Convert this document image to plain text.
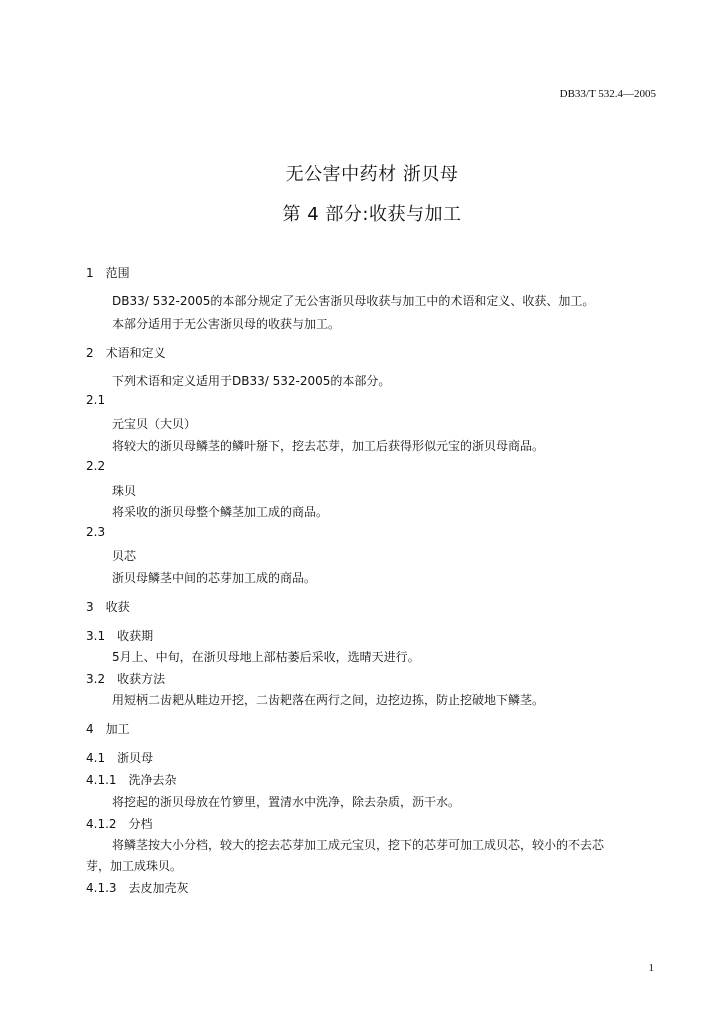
DB33/T 532.4—2005
无公害中药材 浙贝母
第 4 部分:收获与加工
1　范围
DB33/ 532-2005的本部分规定了无公害浙贝母收获与加工中的术语和定义、收获、加工。
本部分适用于无公害浙贝母的收获与加工。
2　术语和定义
下列术语和定义适用于DB33/ 532-2005的本部分。
2.1
元宝贝（大贝）
将较大的浙贝母鳞茎的鳞叶掰下，挖去芯芽，加工后获得形似元宝的浙贝母商品。
2.2
珠贝
将采收的浙贝母整个鳞茎加工成的商品。
2.3
贝芯
浙贝母鳞茎中间的芯芽加工成的商品。
3　收获
3.1　收获期
5月上、中旬，在浙贝母地上部枯萎后采收，选晴天进行。
3.2　收获方法
用短柄二齿耙从畦边开挖，二齿耙落在两行之间，边挖边拣，防止挖破地下鳞茎。
4　加工
4.1　浙贝母
4.1.1　洗净去杂
将挖起的浙贝母放在竹箩里，置清水中洗净，除去杂质，沥干水。
4.1.2　分档
将鳞茎按大小分档，较大的挖去芯芽加工成元宝贝，挖下的芯芽可加工成贝芯，较小的不去芯
芽，加工成珠贝。
4.1.3　去皮加壳灰
1
